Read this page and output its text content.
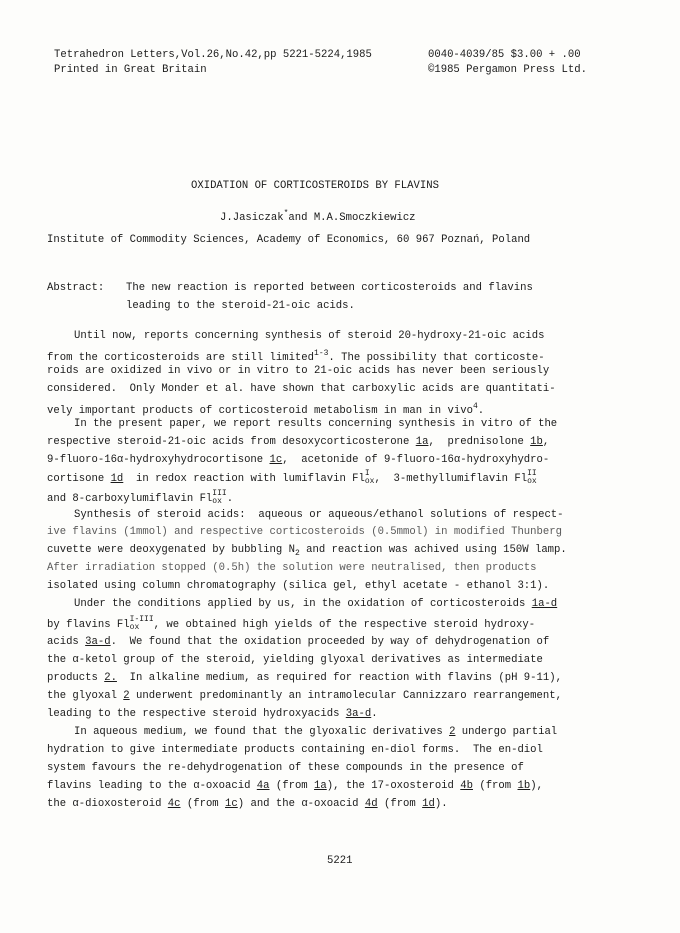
Tetrahedron Letters,Vol.26,No.42,pp 5221-5224,1985	0040-4039/85 $3.00 + .00
Printed in Great Britain	©1985 Pergamon Press Ltd.
OXIDATION OF CORTICOSTEROIDS BY FLAVINS
J.Jasiczak*and M.A.Smoczkiewicz
Institute of Commodity Sciences, Academy of Economics, 60 967 Poznań, Poland
Abstract: The new reaction is reported between corticosteroids and flavins
leading to the steroid-21-oic acids.
Until now, reports concerning synthesis of steroid 20-hydroxy-21-oic acids
from the corticosteroids are still limited$^{1-3}$. The possibility that corticoste-
roids are oxidized in vivo or in vitro to 21-oic acids has never been seriously
considered.  Only Monder et al. have shown that carboxylic acids are quantitati-
vely important products of corticosteroid metabolism in man in vivo$^4$.
In the present paper, we report results concerning synthesis in vitro of the
respective steroid-21-oic acids from desoxycorticosterone 1a,  prednisolone 1b,
9-fluoro-16α-hydroxyhydrocortisone 1c,  acetonide of 9-fluoro-16α-hydroxyhydro-
cortisone 1d  in redox reaction with lumiflavin Fl I
ox ,  3-methyllumiflavin Fl II
ox
and 8-carboxylumiflavin Fl III
ox .
Synthesis of steroid acids:  aqueous or aqueous/ethanol solutions of respect-
ive flavins (1mmol) and respective corticosteroids (0.5mmol) in modified Thunberg
cuvette were deoxygenated by bubbling $N_2$ and reaction was achived using 150W lamp.
After irradiation stopped (0.5h) the solution were neutralised, then products
isolated using column chromatography (silica gel, ethyl acetate - ethanol 3:1).
Under the conditions applied by us, in the oxidation of corticosteroids 1a-d
by flavins Fl I-III
ox	, we obtained high yields of the respective steroid hydroxy-
acids 3a-d.  We found that the oxidation proceeded by way of dehydrogenation of
the α-ketol group of the steroid, yielding glyoxal derivatives as intermediate
products 2.  In alkaline medium, as required for reaction with flavins (pH 9-11),
the glyoxal 2 underwent predominantly an intramolecular Cannizzaro rearrangement,
leading to the respective steroid hydroxyacids 3a-d.
In aqueous medium, we found that the glyoxalic derivatives 2 undergo partial
hydration to give intermediate products containing en-diol forms.  The en-diol
system favours the re-dehydrogenation of these compounds in the presence of
flavins leading to the α-oxoacid 4a (from 1a), the 17-oxosteroid 4b (from 1b),
the α-dioxosteroid 4c (from 1c) and the α-oxoacid 4d (from 1d).
5221
